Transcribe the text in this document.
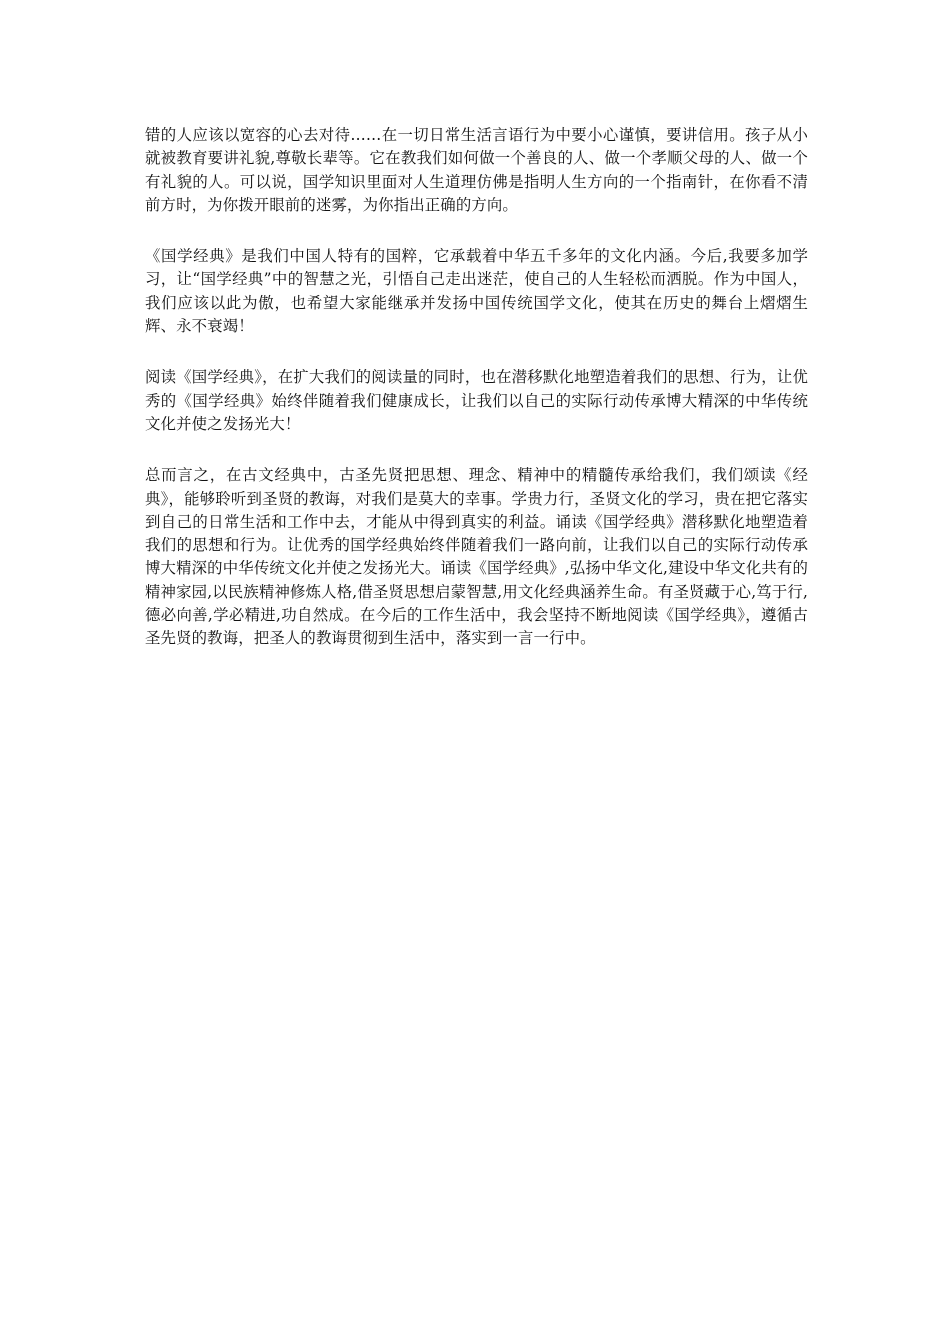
错的人应该以宽容的心去对待……在一切日常生活言语行为中要小心谨慎，要讲信用。孩子从小就被教育要讲礼貌,尊敬长辈等。它在教我们如何做一个善良的人、做一个孝顺父母的人、做一个有礼貌的人。可以说，国学知识里面对人生道理仿佛是指明人生方向的一个指南针，在你看不清前方时，为你拨开眼前的迷雾，为你指出正确的方向。

《国学经典》是我们中国人特有的国粹，它承载着中华五千多年的文化内涵。今后,我要多加学习，让“国学经典”中的智慧之光，引悟自己走出迷茫，使自己的人生轻松而洒脱。作为中国人，我们应该以此为傲，也希望大家能继承并发扬中国传统国学文化，使其在历史的舞台上熠熠生辉、永不衰竭！

阅读《国学经典》，在扩大我们的阅读量的同时，也在潜移默化地塑造着我们的思想、行为，让优秀的《国学经典》始终伴随着我们健康成长，让我们以自己的实际行动传承博大精深的中华传统文化并使之发扬光大！

总而言之，在古文经典中，古圣先贤把思想、理念、精神中的精髓传承给我们，我们颂读《经典》，能够聆听到圣贤的教诲，对我们是莫大的幸事。学贵力行，圣贤文化的学习，贵在把它落实到自己的日常生活和工作中去，才能从中得到真实的利益。诵读《国学经典》潜移默化地塑造着我们的思想和行为。让优秀的国学经典始终伴随着我们一路向前，让我们以自己的实际行动传承博大精深的中华传统文化并使之发扬光大。诵读《国学经典》,弘扬中华文化,建设中华文化共有的精神家园,以民族精神修炼人格,借圣贤思想启蒙智慧,用文化经典涵养生命。有圣贤藏于心,笃于行,德必向善,学必精进,功自然成。在今后的工作生活中，我会坚持不断地阅读《国学经典》，遵循古圣先贤的教诲，把圣人的教诲贯彻到生活中，落实到一言一行中。
